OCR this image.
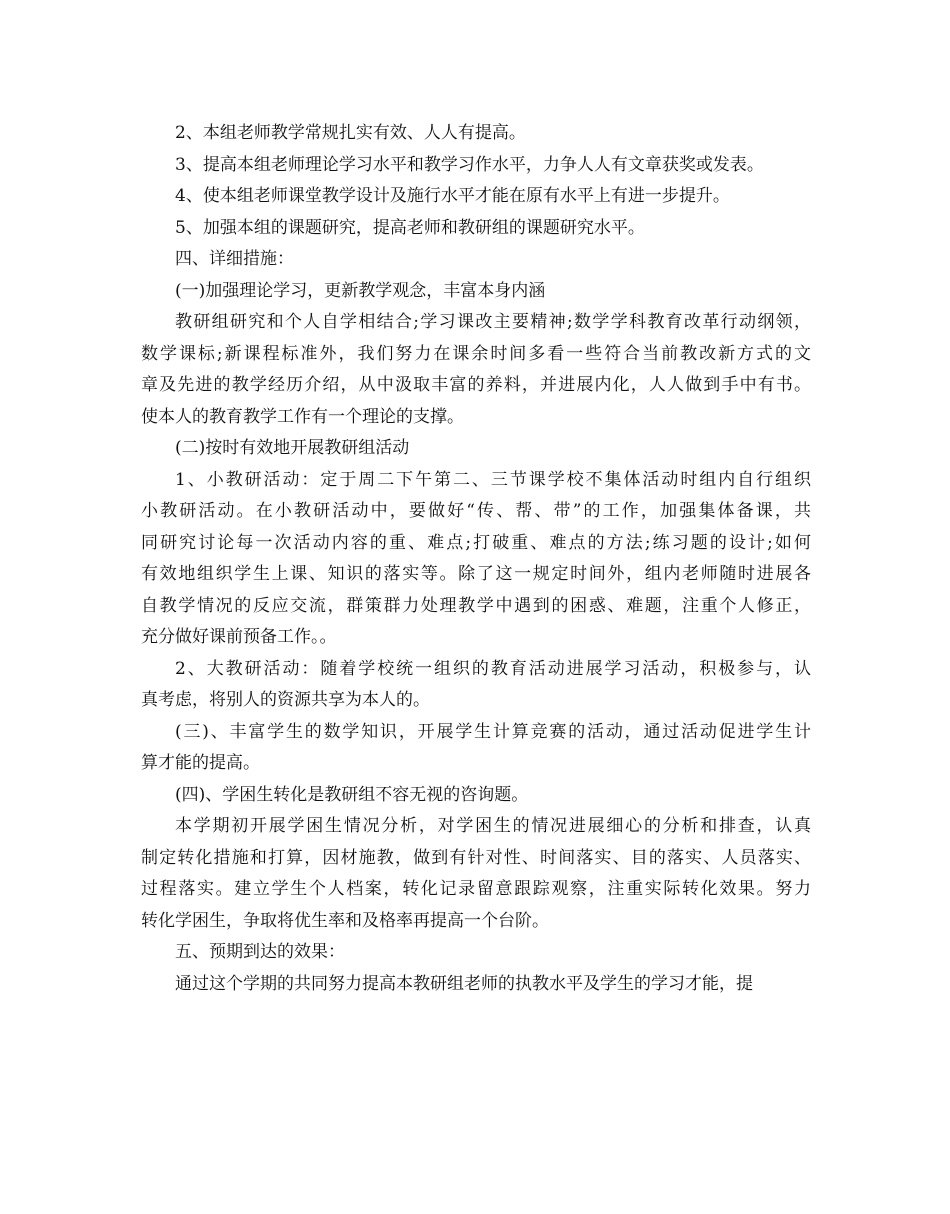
2、本组老师教学常规扎实有效、人人有提高。
3、提高本组老师理论学习水平和教学习作水平，力争人人有文章获奖或发表。
4、使本组老师课堂教学设计及施行水平才能在原有水平上有进一步提升。
5、加强本组的课题研究，提高老师和教研组的课题研究水平。
四、详细措施：
(一)加强理论学习，更新教学观念，丰富本身内涵
教研组研究和个人自学相结合;学习课改主要精神;数学学科教育改革行动纲领，
数学课标;新课程标准外，我们努力在课余时间多看一些符合当前教改新方式的文
章及先进的教学经历介绍，从中汲取丰富的养料，并进展内化，人人做到手中有书。
使本人的教育教学工作有一个理论的支撑。
(二)按时有效地开展教研组活动
1、小教研活动：定于周二下午第二、三节课学校不集体活动时组内自行组织
小教研活动。在小教研活动中，要做好“传、帮、带”的工作，加强集体备课，共
同研究讨论每一次活动内容的重、难点;打破重、难点的方法;练习题的设计;如何
有效地组织学生上课、知识的落实等。除了这一规定时间外，组内老师随时进展各
自教学情况的反应交流，群策群力处理教学中遇到的困惑、难题，注重个人修正，
充分做好课前预备工作。。
2、大教研活动：随着学校统一组织的教育活动进展学习活动，积极参与，认
真考虑，将别人的资源共享为本人的。
(三)、丰富学生的数学知识，开展学生计算竞赛的活动，通过活动促进学生计
算才能的提高。
(四)、学困生转化是教研组不容无视的咨询题。
本学期初开展学困生情况分析，对学困生的情况进展细心的分析和排查，认真
制定转化措施和打算，因材施教，做到有针对性、时间落实、目的落实、人员落实、
过程落实。建立学生个人档案，转化记录留意跟踪观察，注重实际转化效果。努力
转化学困生，争取将优生率和及格率再提高一个台阶。
五、预期到达的效果：
通过这个学期的共同努力提高本教研组老师的执教水平及学生的学习才能，提
